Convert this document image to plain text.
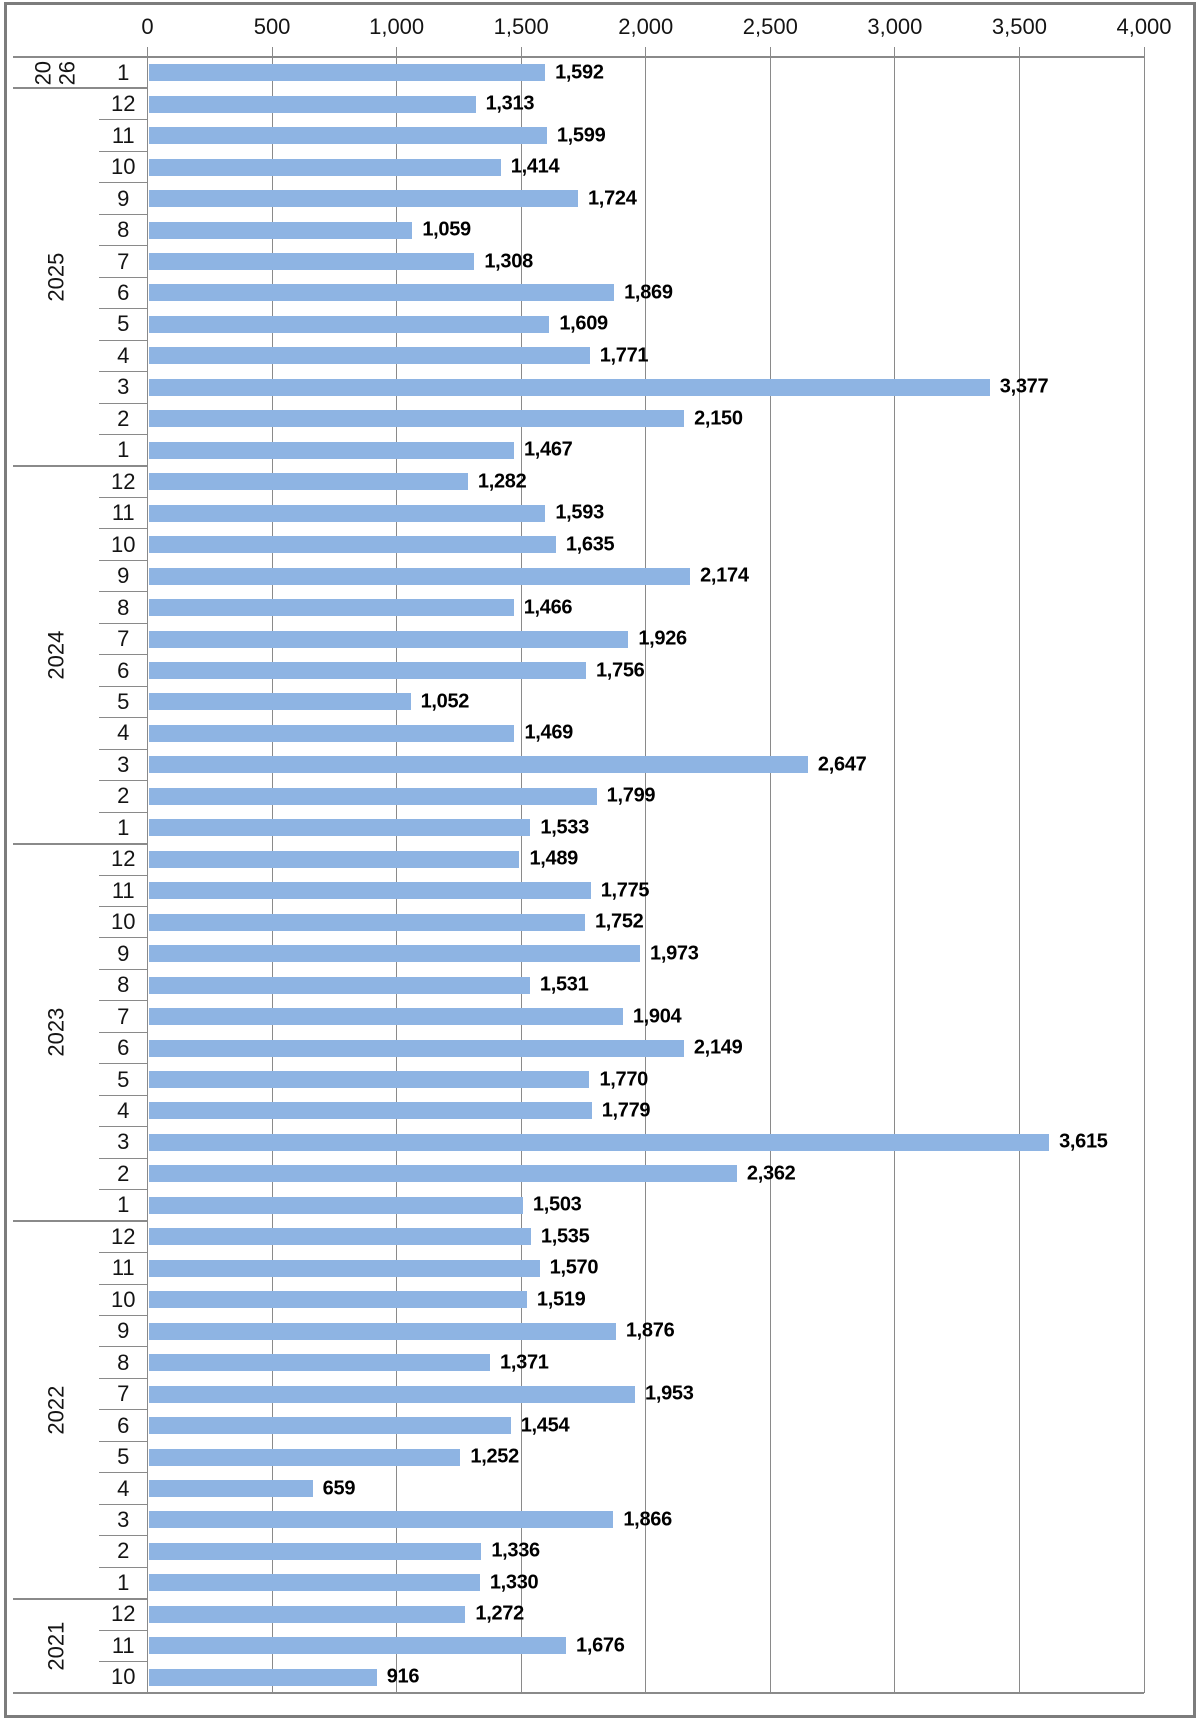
0	500	1,000	1,500	2,000	2,500	3,000	3,500	4,000
2026	1	1,592
2025
12	1,313
11	1,599
10	1,414
9	1,724
8	1,059
7	1,308
6	1,869
5	1,609
4	1,771
3	3,377
2	2,150
1	1,467
2024
12	1,282
11	1,593
10	1,635
9	2,174
8	1,466
7	1,926
6	1,756
5	1,052
4	1,469
3	2,647
2	1,799
1	1,533
2023
12	1,489
11	1,775
10	1,752
9	1,973
8	1,531
7	1,904
6	2,149
5	1,770
4	1,779
3	3,615
2	2,362
1	1,503
2022
12	1,535
11	1,570
10	1,519
9	1,876
8	1,371
7	1,953
6	1,454
5	1,252
4	659
3	1,866
2	1,336
1	1,330
2021
12	1,272
11	1,676
10	916
